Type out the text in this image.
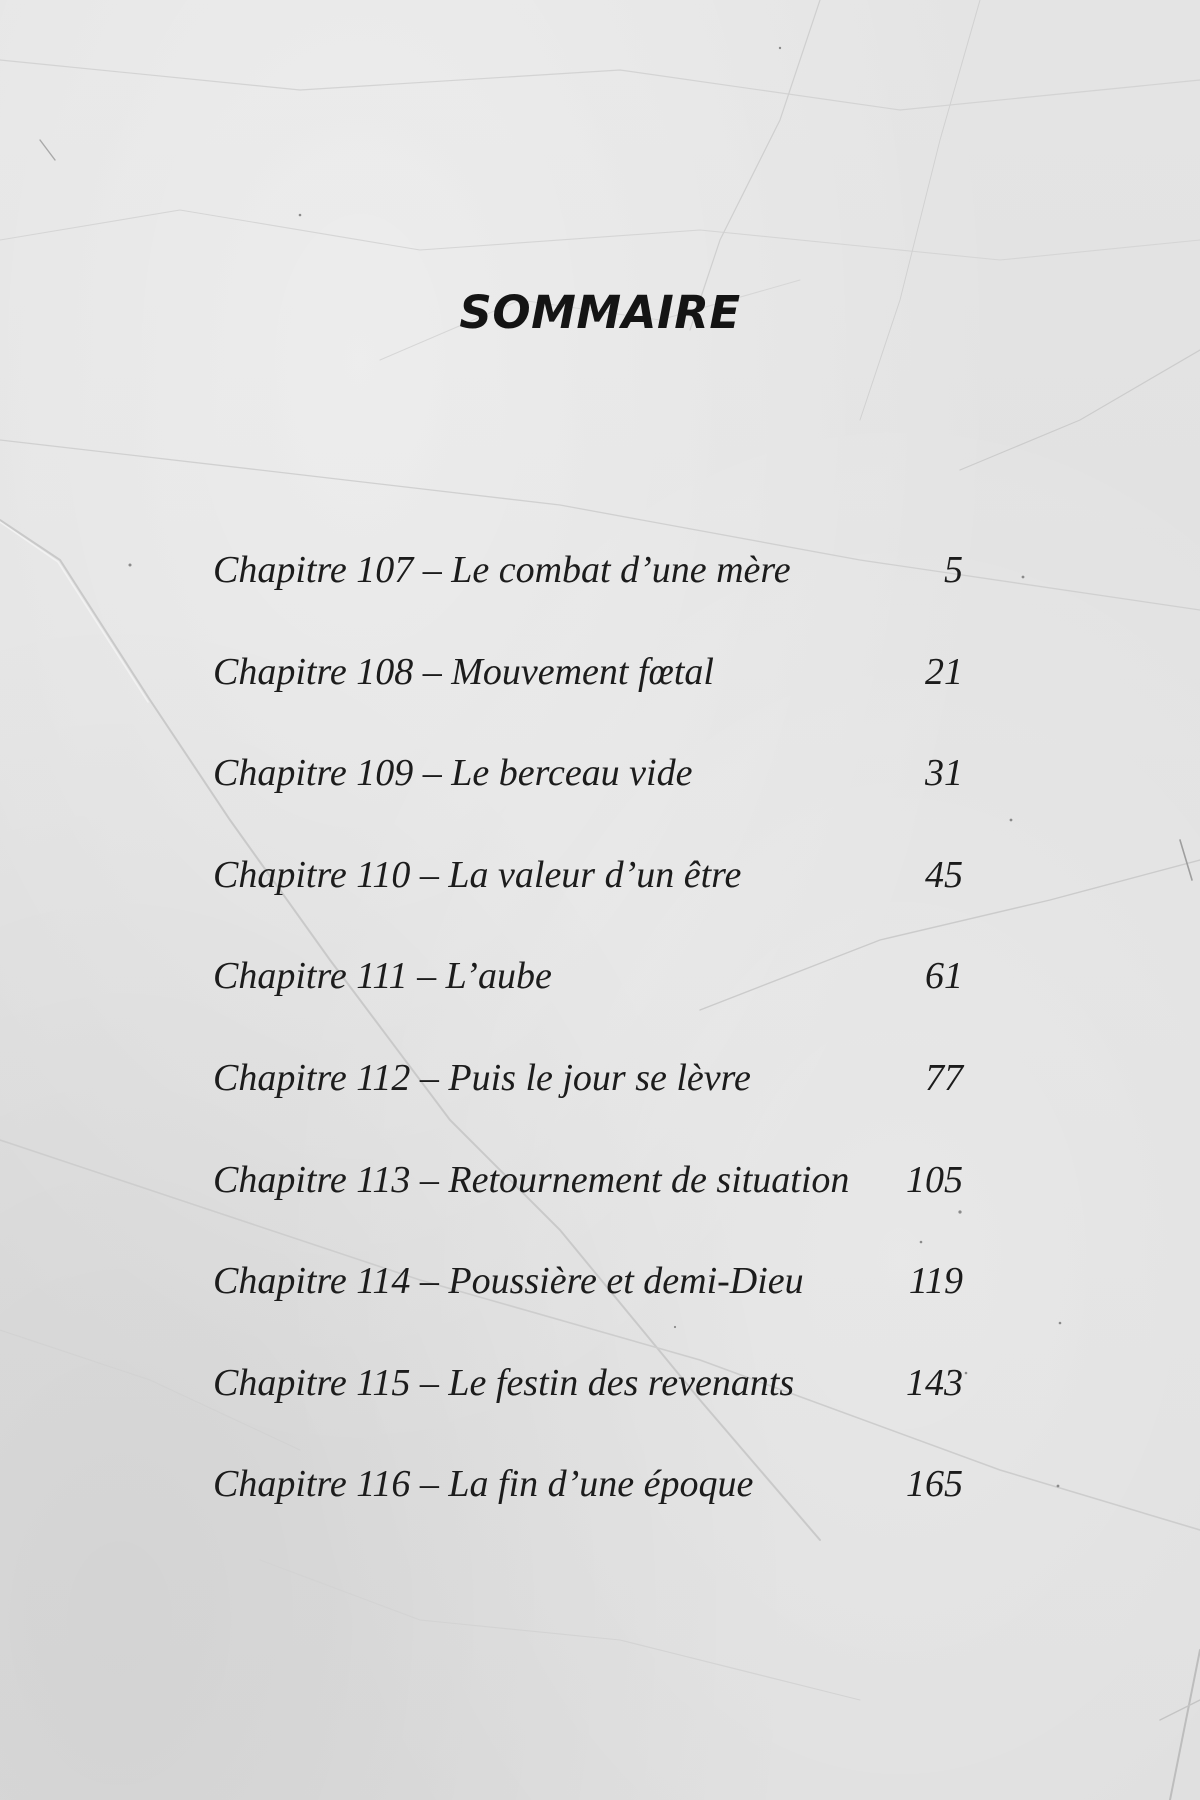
SOMMAIRE
Chapitre 107 – Le combat d’une mère	5
Chapitre 108 – Mouvement fœtal	21
Chapitre 109 – Le berceau vide	31
Chapitre 110 – La valeur d’un être	45
Chapitre 111 – L’aube	61
Chapitre 112 – Puis le jour se lèvre	77
Chapitre 113 – Retournement de situation 105
Chapitre 114 – Poussière et demi-Dieu	119
Chapitre 115 – Le festin des revenants	143
Chapitre 116 – La fin d’une époque	165
